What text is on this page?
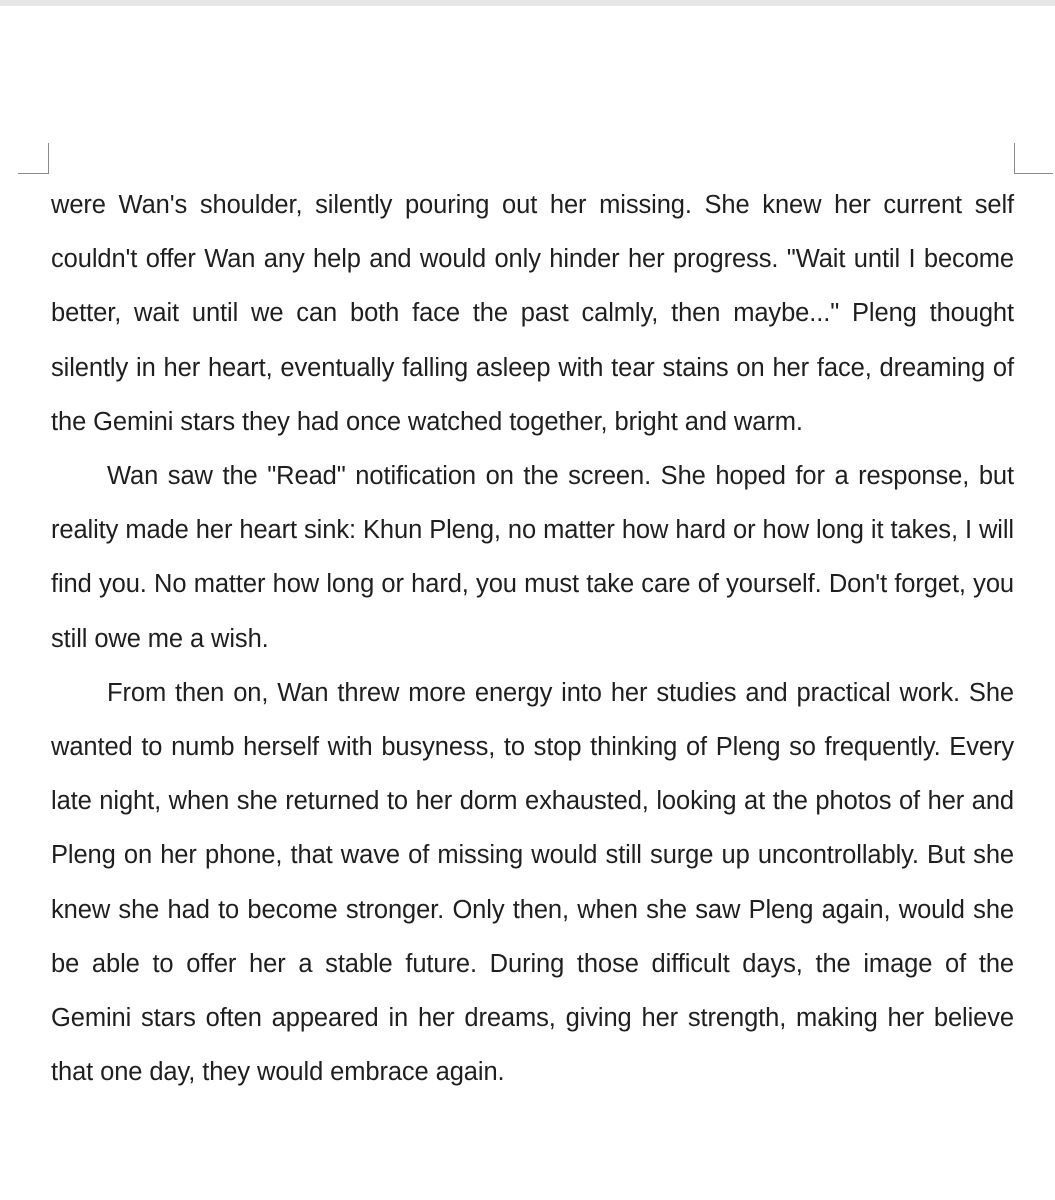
were Wan's shoulder, silently pouring out her missing. She knew her current self couldn't offer Wan any help and would only hinder her progress. "Wait until I become better, wait until we can both face the past calmly, then maybe..." Pleng thought silently in her heart, eventually falling asleep with tear stains on her face, dreaming of the Gemini stars they had once watched together, bright and warm.

Wan saw the "Read" notification on the screen. She hoped for a response, but reality made her heart sink: Khun Pleng, no matter how hard or how long it takes, I will find you. No matter how long or hard, you must take care of yourself. Don't forget, you still owe me a wish.

From then on, Wan threw more energy into her studies and practical work. She wanted to numb herself with busyness, to stop thinking of Pleng so frequently. Every late night, when she returned to her dorm exhausted, looking at the photos of her and Pleng on her phone, that wave of missing would still surge up uncontrollably. But she knew she had to become stronger. Only then, when she saw Pleng again, would she be able to offer her a stable future. During those difficult days, the image of the Gemini stars often appeared in her dreams, giving her strength, making her believe that one day, they would embrace again.
